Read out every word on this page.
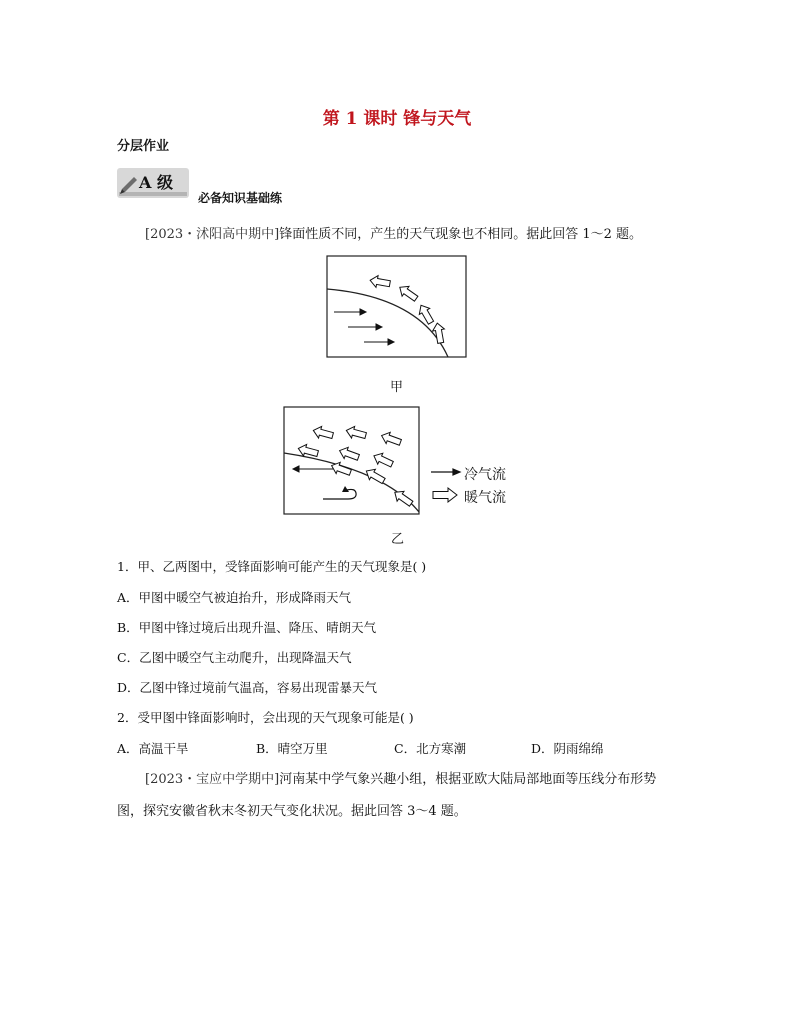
第 1 课时 锋与天气
分层作业
A 级
必备知识基础练
[2023・沭阳高中期中]锋面性质不同，产生的天气现象也不相同。据此回答 1～2 题。
甲
冷气流
暖气流
乙
1．甲、乙两图中，受锋面影响可能产生的天气现象是( )
A．甲图中暖空气被迫抬升，形成降雨天气
B．甲图中锋过境后出现升温、降压、晴朗天气
C．乙图中暖空气主动爬升，出现降温天气
D．乙图中锋过境前气温高，容易出现雷暴天气
2．受甲图中锋面影响时，会出现的天气现象可能是( )
A．高温干旱	B．晴空万里	C．北方寒潮	D．阴雨绵绵
[2023・宝应中学期中]河南某中学气象兴趣小组，根据亚欧大陆局部地面等压线分布形势
图，探究安徽省秋末冬初天气变化状况。据此回答 3～4 题。
